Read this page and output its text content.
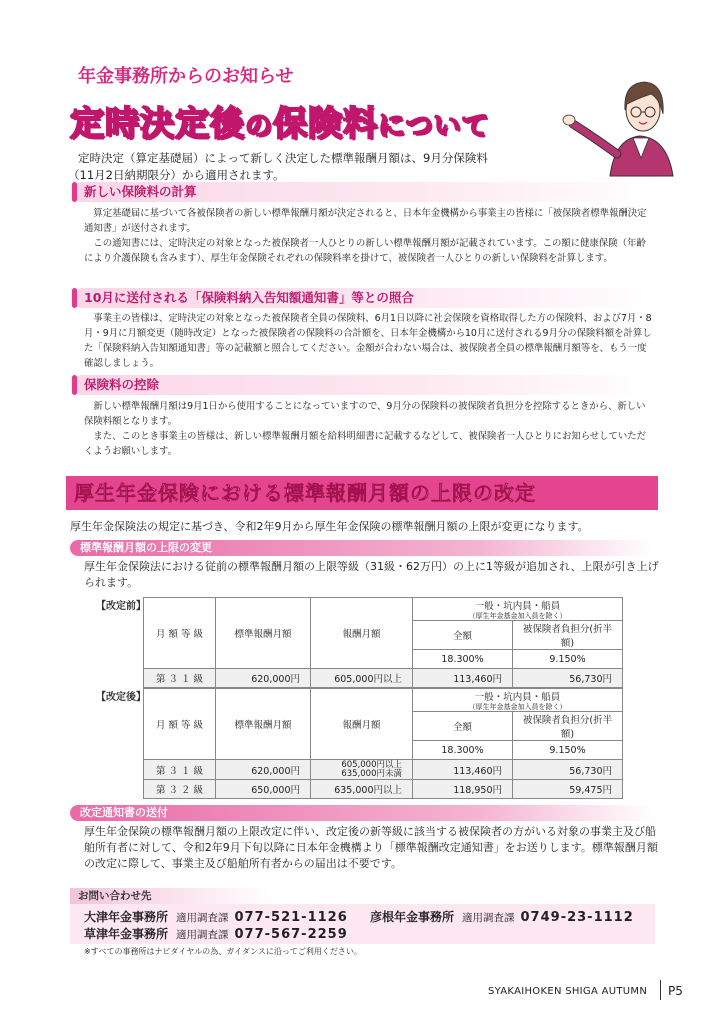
年金事務所からのお知らせ
定時決定後の保険料について
定時決定（算定基礎届）によって新しく決定した標準報酬月額は、9月分保険料
（11月2日納期限分）から適用されます。
新しい保険料の計算

算定基礎届に基づいて各被保険者の新しい標準報酬月額が決定されると、日本年金機構から事業主の皆様に「被保険者標準報酬決定通知書」が送付されます。

この通知書には、定時決定の対象となった被保険者一人ひとりの新しい標準報酬月額が記載されています。この額に健康保険（年齢により介護保険も含みます）、厚生年金保険それぞれの保険料率を掛けて、被保険者一人ひとりの新しい保険料を計算します。

10月に送付される「保険料納入告知額通知書」等との照合

事業主の皆様は、定時決定の対象となった被保険者全員の保険料、6月1日以降に社会保険を資格取得した方の保険料、および7月・8月・9月に月額変更（随時改定）となった被保険者の保険料の合計額を、日本年金機構から10月に送付される9月分の保険料額を計算した「保険料納入告知額通知書」等の記載額と照合してください。金額が合わない場合は、被保険者全員の標準報酬月額等を、もう一度確認しましょう。

保険料の控除

新しい標準報酬月額は9月1日から使用することになっていますので、9月分の保険料の被保険者負担分を控除するときから、新しい保険料額となります。

また、このとき事業主の皆様は、新しい標準報酬月額を給料明細書に記載するなどして、被保険者一人ひとりにお知らせしていただくようお願いします。

厚生年金保険における標準報酬月額の上限の改定
厚生年金保険法の規定に基づき、令和2年9月から厚生年金保険の標準報酬月額の上限が変更になります。
標準報酬月額の上限の変更
厚生年金保険法における従前の標準報酬月額の上限等級（31級・62万円）の上に1等級が追加され、上限が引き上げられます。
【改定前】
月 額 等 級	標準報酬月額	報酬月額	一般・坑内員・船員
（厚生年金基金加入員を除く）	

			全額	被保険者負担分(折半額)
			18.300%	9.150%
第 ３ １ 級	620,000円	605,000円以上	113,460円	56,730円
【改定後】
月 額 等 級	標準報酬月額	報酬月額	一般・坑内員・船員
（厚生年金基金加入員を除く）	

			全額	被保険者負担分(折半額)
			18.300%	9.150%
第 ３ １ 級	620,000円	605,000円以上
635,000円未満	113,460円	56,730円
第 ３ ２ 級	650,000円	635,000円以上	118,950円	59,475円
改定通知書の送付
厚生年金保険の標準報酬月額の上限改定に伴い、改定後の新等級に該当する被保険者の方がいる対象の事業主及び船舶所有者に対して、令和2年9月下旬以降に日本年金機構より「標準報酬改定通知書」をお送りします。標準報酬月額の改定に際して、事業主及び船舶所有者からの届出は不要です。
お問い合わせ先
大津年金事務所 適用調査課 077-521-1126 彦根年金事務所 適用調査課 0749-23-1112
草津年金事務所 適用調査課 077-567-2259
※すべての事務所はナビダイヤルの為、ガイダンスに沿ってご利用ください。
SYAKAIHOKEN SHIGA AUTUMN P5
